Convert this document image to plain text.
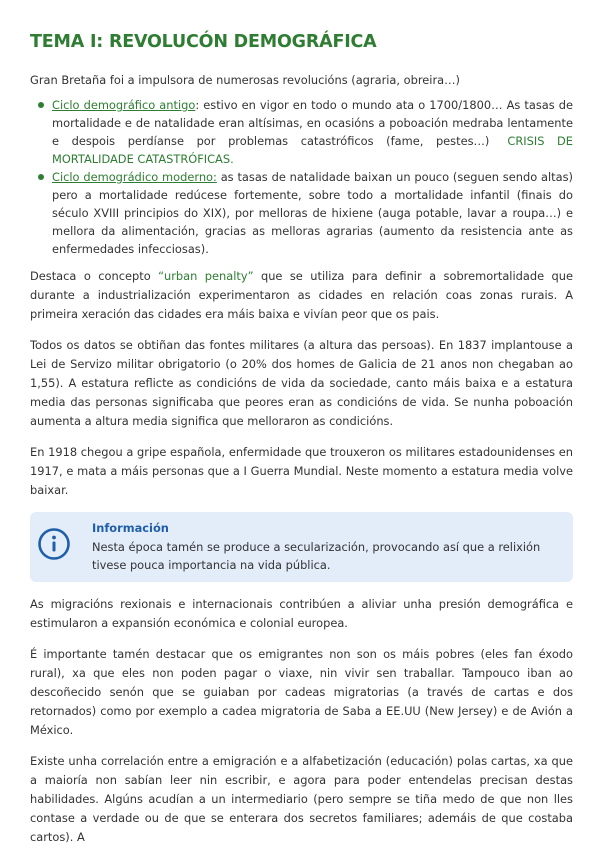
TEMA I: REVOLUCÓN DEMOGRÁFICA

Gran Bretaña foi a impulsora de numerosas revolucións (agraria, obreira…)

Ciclo demográfico antigo: estivo en vigor en todo o mundo ata o 1700/1800… As tasas de mortalidade e de natalidade eran altísimas, en ocasións a poboación medraba lentamente e despois perdíanse por problemas catastróficos (fame, pestes…) CRISIS DE MORTALIDADE CATASTRÓFICAS.
Ciclo demográdico moderno: as tasas de natalidade baixan un pouco (seguen sendo altas) pero a mortalidade redúcese fortemente, sobre todo a mortalidade infantil (finais do século XVIII principios do XIX), por melloras de hixiene (auga potable, lavar a roupa…) e mellora da alimentación, gracias as melloras agrarias (aumento da resistencia ante as enfermedades infecciosas).

Destaca o concepto “urban penalty” que se utiliza para definir a sobremortalidade que durante a industrialización experimentaron as cidades en relación coas zonas rurais. A primeira xeración das cidades era máis baixa e vivían peor que os pais.

Todos os datos se obtiñan das fontes militares (a altura das persoas). En 1837 implantouse a Lei de Servizo militar obrigatorio (o 20% dos homes de Galicia de 21 anos non chegaban ao 1,55). A estatura reflicte as condicións de vida da sociedade, canto máis baixa e a estatura media das personas significaba que peores eran as condicións de vida. Se nunha poboación aumenta a altura media significa que melloraron as condicións.

En 1918 chegou a gripe española, enfermidade que trouxeron os militares estadounidenses en 1917, e mata a máis personas que a I Guerra Mundial. Neste momento a estatura media volve baixar.

Información
Nesta época tamén se produce a secularización, provocando así que a relixión tivese pouca importancia na vida pública.

As migracións rexionais e internacionais contribúen a aliviar unha presión demográfica e estimularon a expansión económica e colonial europea.

É importante tamén destacar que os emigrantes non son os máis pobres (eles fan éxodo rural), xa que eles non poden pagar o viaxe, nin vivir sen traballar. Tampouco iban ao descoñecido senón que se guiaban por cadeas migratorias (a través de cartas e dos retornados) como por exemplo a cadea migratoria de Saba a EE.UU (New Jersey) e de Avión a México.

Existe unha correlación entre a emigración e a alfabetización (educación) polas cartas, xa que a maioría non sabían leer nin escribir, e agora para poder entendelas precisan destas habilidades. Algúns acudían a un intermediario (pero sempre se tiña medo de que non lles contase a verdade ou de que se enterara dos secretos familiares; ademáis de que costaba cartos). A
